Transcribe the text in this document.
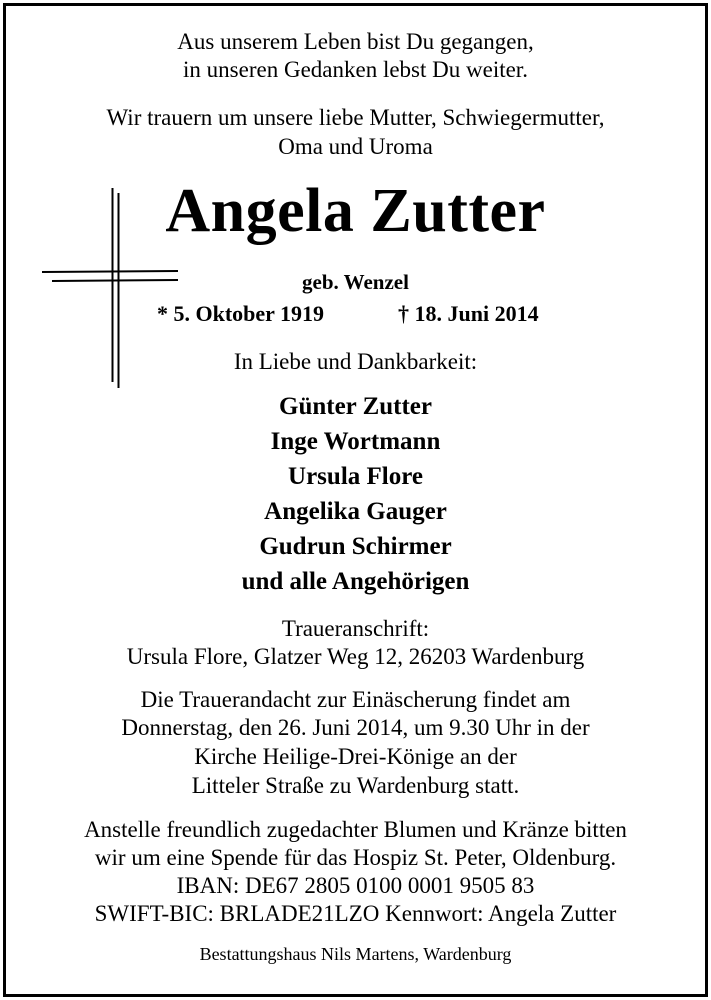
Aus unserem Leben bist Du gegangen,
in unseren Gedanken lebst Du weiter.
Wir trauern um unsere liebe Mutter, Schwiegermutter,
Oma und Uroma
Angela Zutter
geb. Wenzel
* 5. Oktober 1919	† 18. Juni 2014
In Liebe und Dankbarkeit:
Günter Zutter
Inge Wortmann
Ursula Flore
Angelika Gauger
Gudrun Schirmer
und alle Angehörigen
Traueranschrift:
Ursula Flore, Glatzer Weg 12, 26203 Wardenburg
Die Trauerandacht zur Einäscherung findet am
Donnerstag, den 26. Juni 2014, um 9.30 Uhr in der
Kirche Heilige-Drei-Könige an der
Litteler Straße zu Wardenburg statt.
Anstelle freundlich zugedachter Blumen und Kränze bitten
wir um eine Spende für das Hospiz St. Peter, Oldenburg.
IBAN: DE67 2805 0100 0001 9505 83
SWIFT-BIC: BRLADE21LZO Kennwort: Angela Zutter
Bestattungshaus Nils Martens, Wardenburg
